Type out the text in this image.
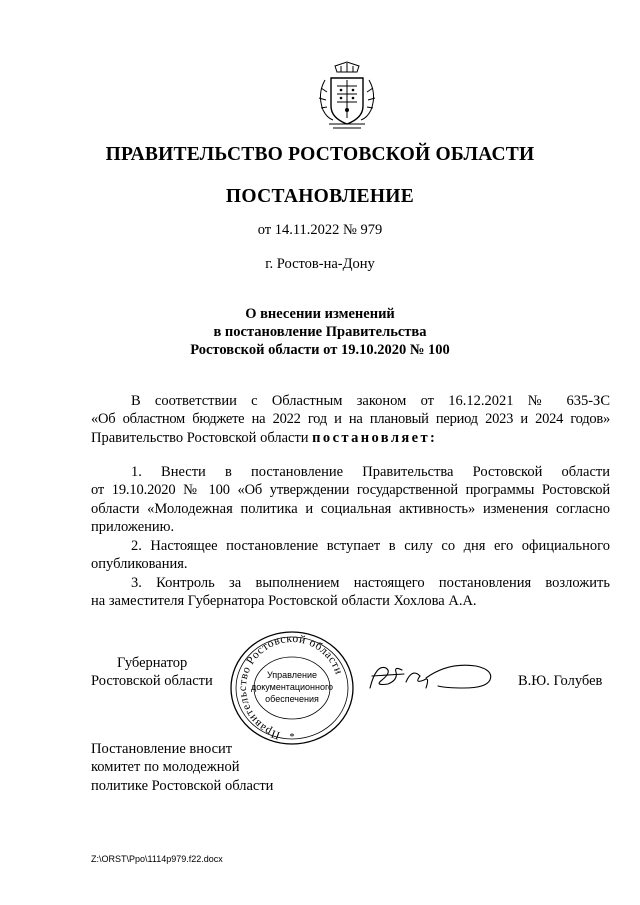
ПРАВИТЕЛЬСТВО РОСТОВСКОЙ ОБЛАСТИ
ПОСТАНОВЛЕНИЕ
от 14.11.2022 № 979
г. Ростов-на-Дону
О внесении изменений
в постановление Правительства
Ростовской области от 19.10.2020 № 100
В соответствии с Областным законом от 16.12.2021 № 635-ЗС
«Об областном бюджете на 2022 год и на плановый период 2023 и 2024 годов»
Правительство Ростовской области постановляет:
1. Внести в постановление Правительства Ростовской области
от 19.10.2020 № 100 «Об утверждении государственной программы Ростовской
области «Молодежная политика и социальная активность» изменения согласно
приложению.
2. Настоящее постановление вступает в силу со дня его официального
опубликования.
3. Контроль за выполнением настоящего постановления возложить
на заместителя Губернатора Ростовской области Хохлова А.А.
Губернатор
Ростовской области	В.Ю. Голубев
Правительство Ростовской области
Управление
документационного
обеспечения
*
Постановление вносит
комитет по молодежной
политике Ростовской области
Z:\ORST\Ppo\1114p979.f22.docx
